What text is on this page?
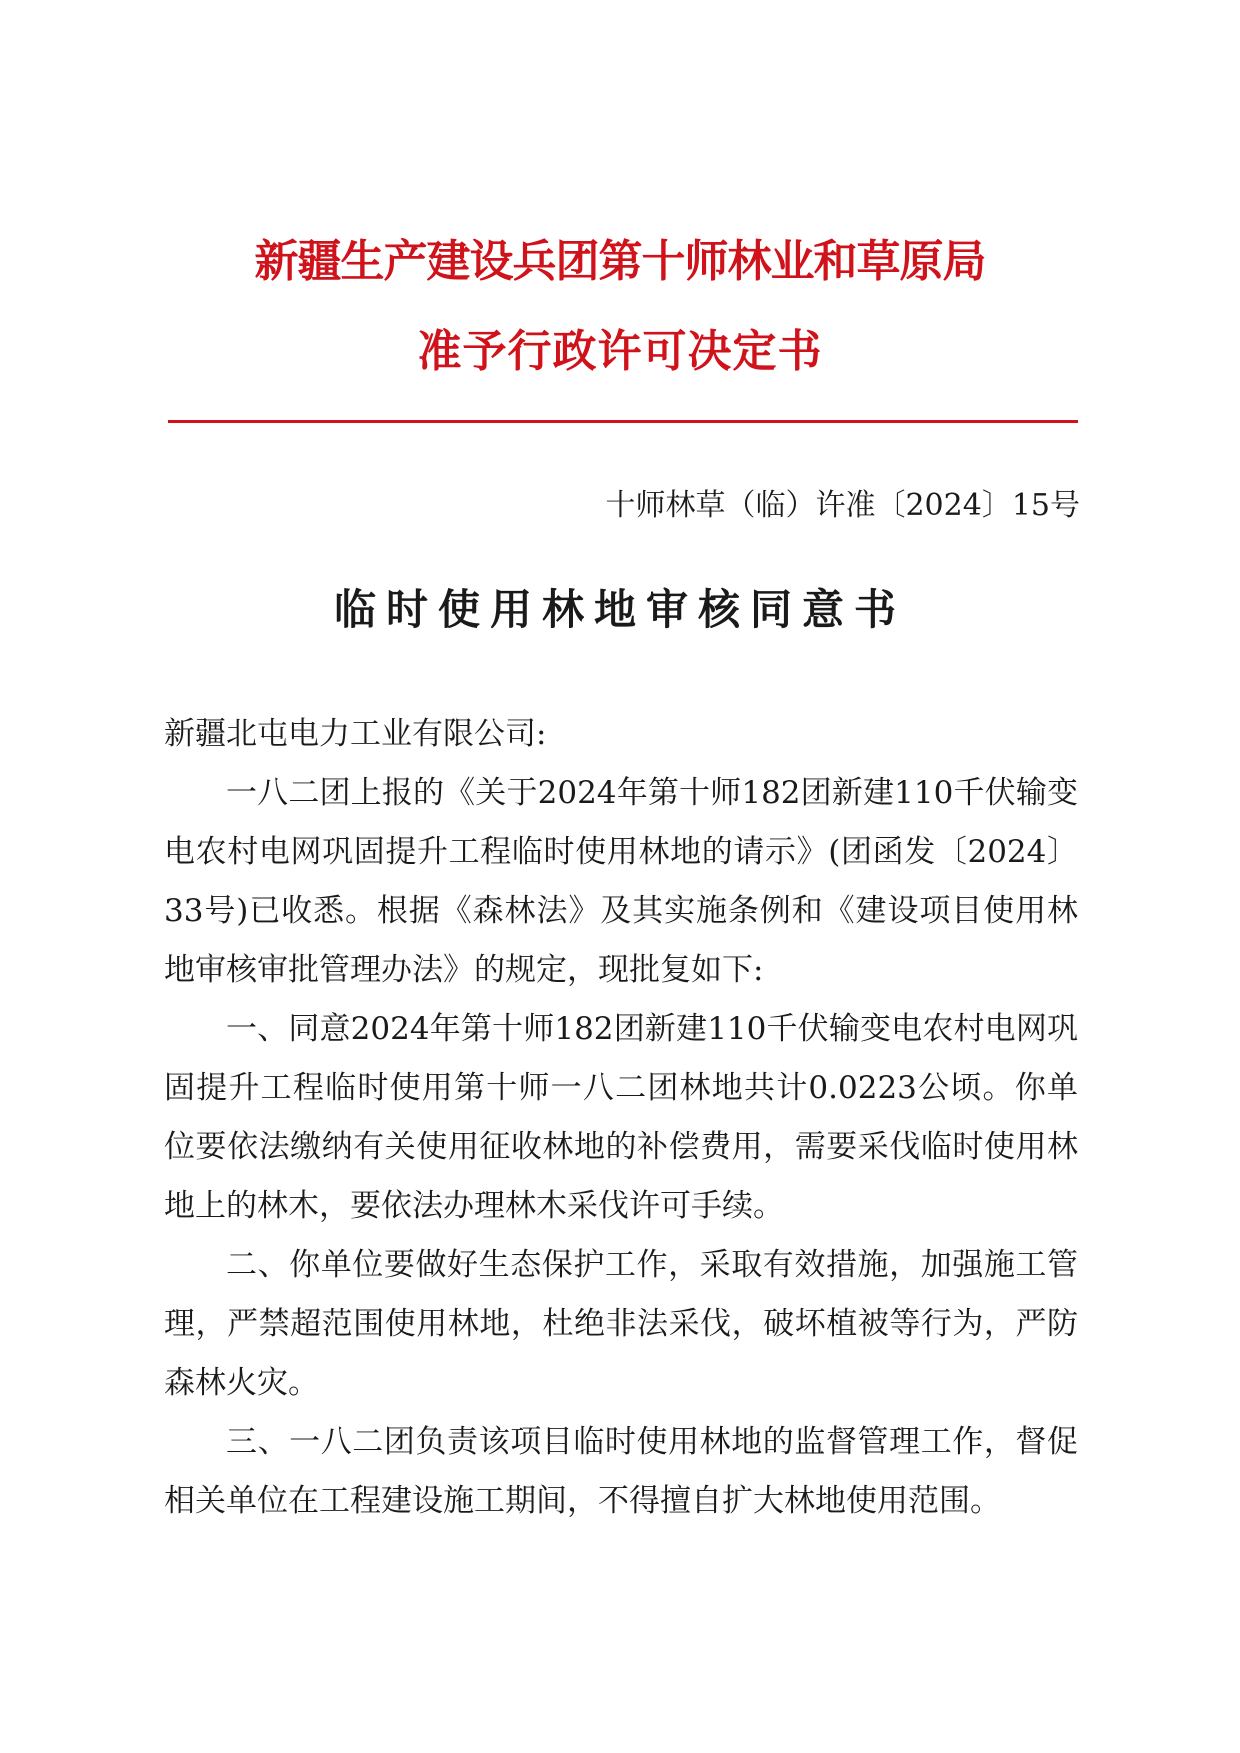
新疆生产建设兵团第十师林业和草原局
准予行政许可决定书
十师林草（临）许准〔2024〕15号
临时使用林地审核同意书

新疆北屯电力工业有限公司:

一八二团上报的《关于2024年第十师182团新建110千伏输变电农村电网巩固提升工程临时使用林地的请示》(团函发〔2024〕33号)已收悉。根据《森林法》及其实施条例和《建设项目使用林地审核审批管理办法》的规定，现批复如下:

一、同意2024年第十师182团新建110千伏输变电农村电网巩固提升工程临时使用第十师一八二团林地共计0.0223公顷。你单位要依法缴纳有关使用征收林地的补偿费用，需要采伐临时使用林地上的林木，要依法办理林木采伐许可手续。

二、你单位要做好生态保护工作，采取有效措施，加强施工管理，严禁超范围使用林地，杜绝非法采伐，破坏植被等行为，严防森林火灾。

三、一八二团负责该项目临时使用林地的监督管理工作，督促相关单位在工程建设施工期间，不得擅自扩大林地使用范围。
